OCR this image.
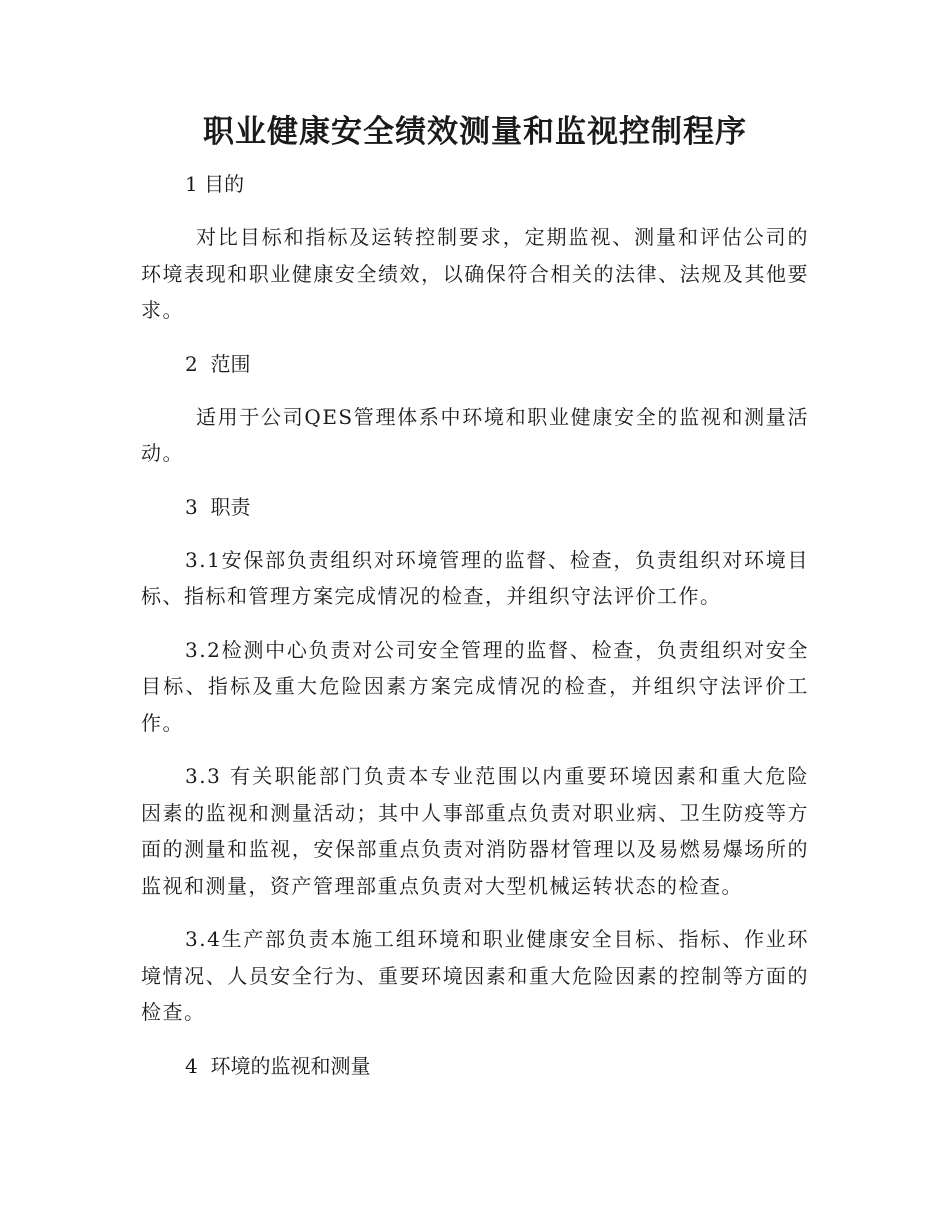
职业健康安全绩效测量和监视控制程序

1 目的

对比目标和指标及运转控制要求，定期监视、测量和评估公司的环境表现和职业健康安全绩效，以确保符合相关的法律、法规及其他要求。

2  范围

适用于公司QES管理体系中环境和职业健康安全的监视和测量活动。

3  职责

3.1安保部负责组织对环境管理的监督、检查，负责组织对环境目标、指标和管理方案完成情况的检查，并组织守法评价工作。

3.2检测中心负责对公司安全管理的监督、检查，负责组织对安全目标、指标及重大危险因素方案完成情况的检查，并组织守法评价工作。

3.3 有关职能部门负责本专业范围以内重要环境因素和重大危险因素的监视和测量活动；其中人事部重点负责对职业病、卫生防疫等方面的测量和监视，安保部重点负责对消防器材管理以及易燃易爆场所的监视和测量，资产管理部重点负责对大型机械运转状态的检查。

3.4生产部负责本施工组环境和职业健康安全目标、指标、作业环境情况、人员安全行为、重要环境因素和重大危险因素的控制等方面的检查。

4  环境的监视和测量
